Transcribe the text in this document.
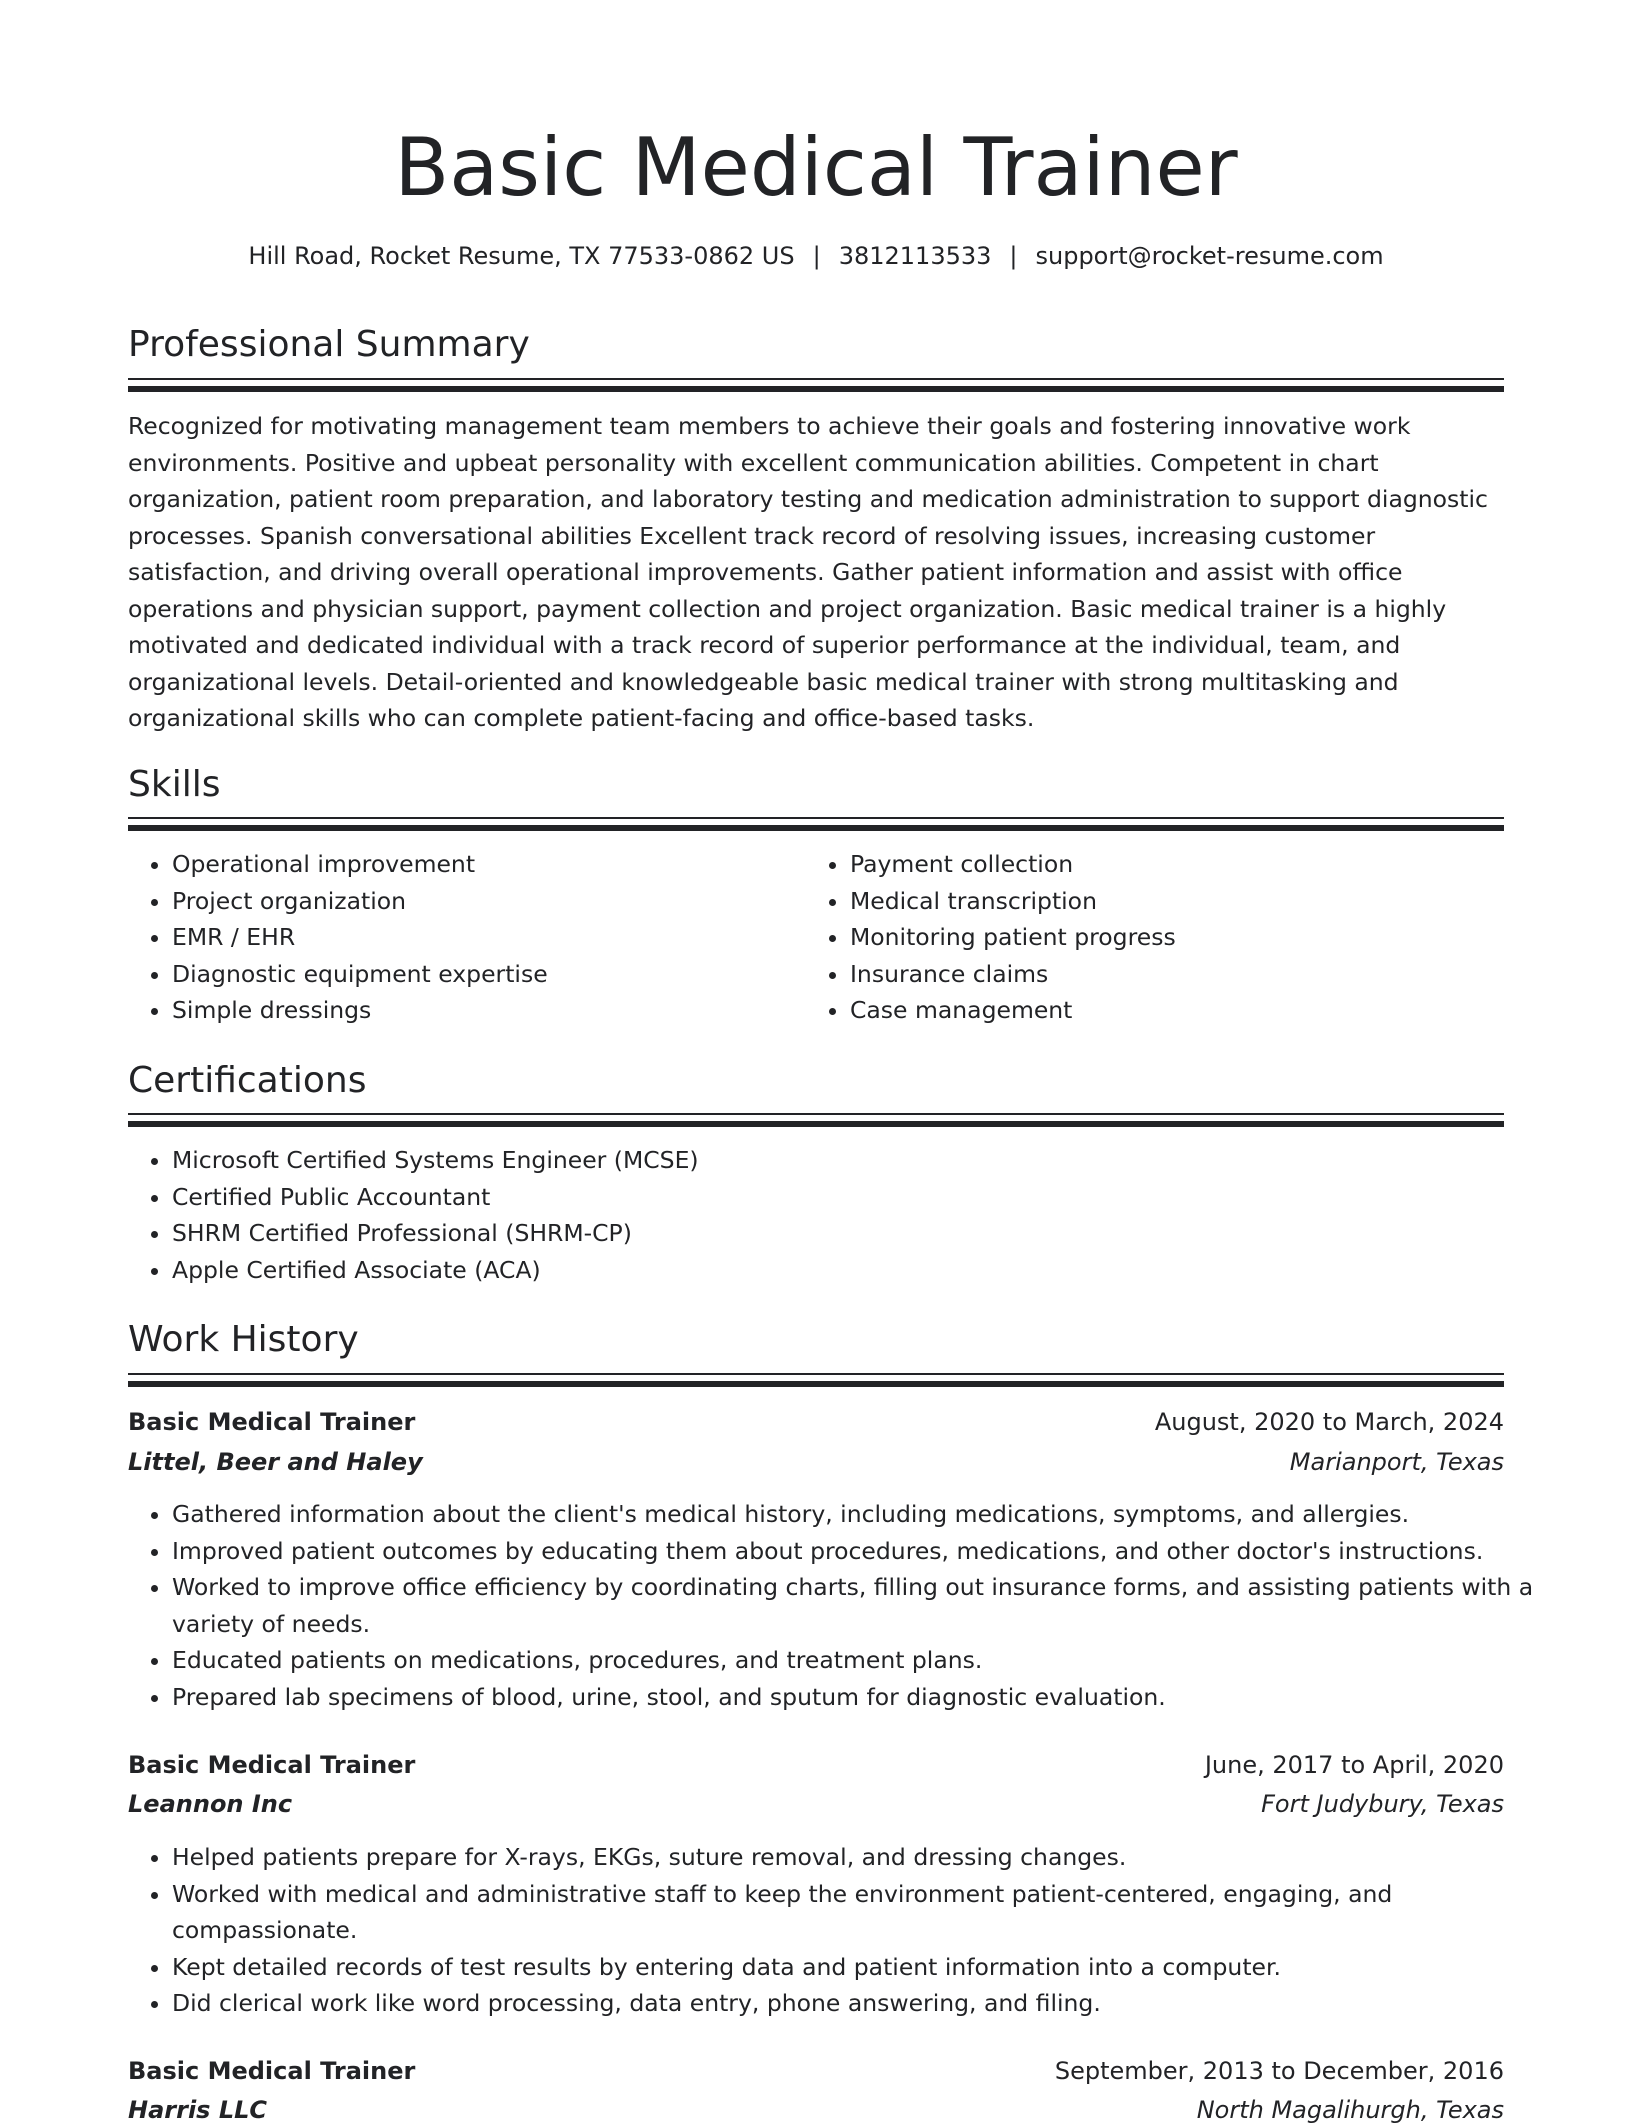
Basic Medical Trainer
Hill Road, Rocket Resume, TX 77533-0862 US | 3812113533 | support@rocket-resume.com
Professional Summary

Recognized for motivating management team members to achieve their goals and fostering innovative work environments. Positive and upbeat personality with excellent communication abilities. Competent in chart organization, patient room preparation, and laboratory testing and medication administration to support diagnostic processes. Spanish conversational abilities Excellent track record of resolving issues, increasing customer satisfaction, and driving overall operational improvements. Gather patient information and assist with office operations and physician support, payment collection and project organization. Basic medical trainer is a highly motivated and dedicated individual with a track record of superior performance at the individual, team, and organizational levels. Detail-oriented and knowledgeable basic medical trainer with strong multitasking and organizational skills who can complete patient-facing and office-based tasks.

Skills
• Operational improvement
• Project organization
• EMR / EHR
• Diagnostic equipment expertise
• Simple dressings
• Payment collection
• Medical transcription
• Monitoring patient progress
• Insurance claims
• Case management
Certifications
• Microsoft Certified Systems Engineer (MCSE)
• Certified Public Accountant
• SHRM Certified Professional (SHRM-CP)
• Apple Certified Associate (ACA)
Work History
Basic Medical Trainer	August, 2020 to March, 2024
Littel, Beer and Haley	Marianport, Texas
• Gathered information about the client's medical history, including medications, symptoms, and allergies.
• Improved patient outcomes by educating them about procedures, medications, and other doctor's instructions.
• Worked to improve office efficiency by coordinating charts, filling out insurance forms, and assisting patients with a variety of needs.
• Educated patients on medications, procedures, and treatment plans.
• Prepared lab specimens of blood, urine, stool, and sputum for diagnostic evaluation.
Basic Medical Trainer	June, 2017 to April, 2020
Leannon Inc	Fort Judybury, Texas
• Helped patients prepare for X-rays, EKGs, suture removal, and dressing changes.
• Worked with medical and administrative staff to keep the environment patient-centered, engaging, and compassionate.
• Kept detailed records of test results by entering data and patient information into a computer.
• Did clerical work like word processing, data entry, phone answering, and filing.
Basic Medical Trainer	September, 2013 to December, 2016
Harris LLC	North Magalihurgh, Texas
